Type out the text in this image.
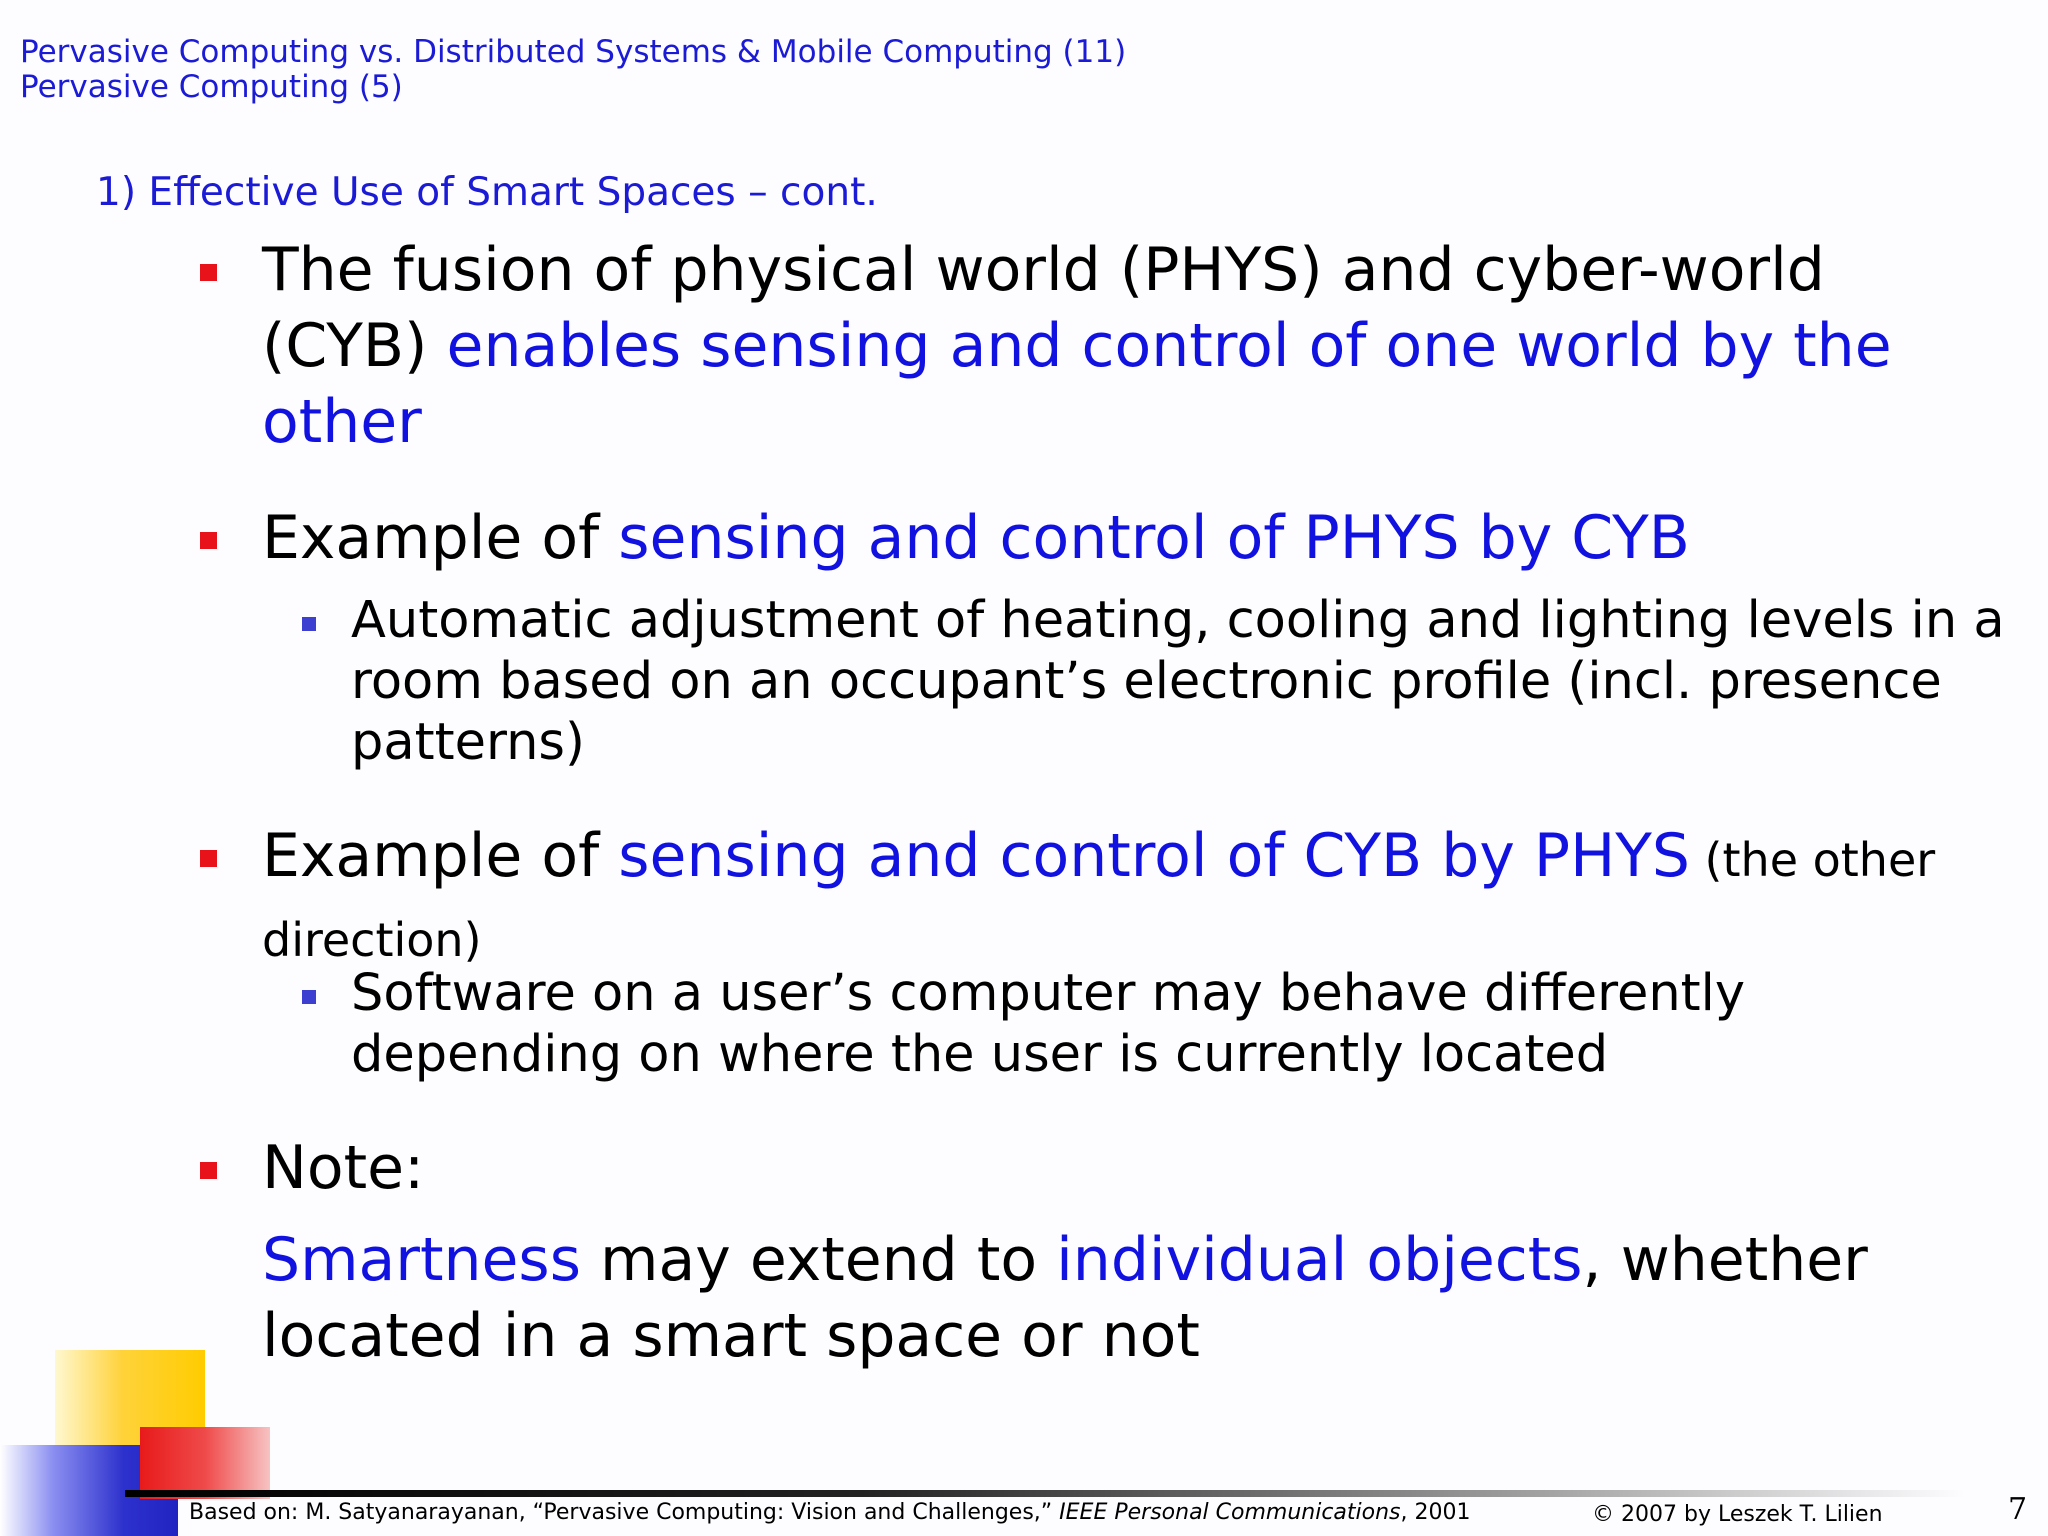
Pervasive Computing vs. Distributed Systems & Mobile Computing (11)
Pervasive Computing (5)
1) Effective Use of Smart Spaces – cont.
The fusion of physical world (PHYS) and cyber-world (CYB) enables sensing and control of one world by the other
Example of sensing and control of PHYS by CYB
Automatic adjustment of heating, cooling and lighting levels in a room based on an occupant’s electronic profile (incl. presence patterns)
Example of sensing and control of CYB by PHYS (the other direction)
Software on a user’s computer may behave differently depending on where the user is currently located
Note:
Smartness may extend to individual objects, whether located in a smart space or not
Based on: M. Satyanarayanan, “Pervasive Computing: Vision and Challenges,” IEEE Personal Communications, 2001	© 2007 by Leszek T. Lilien	7
